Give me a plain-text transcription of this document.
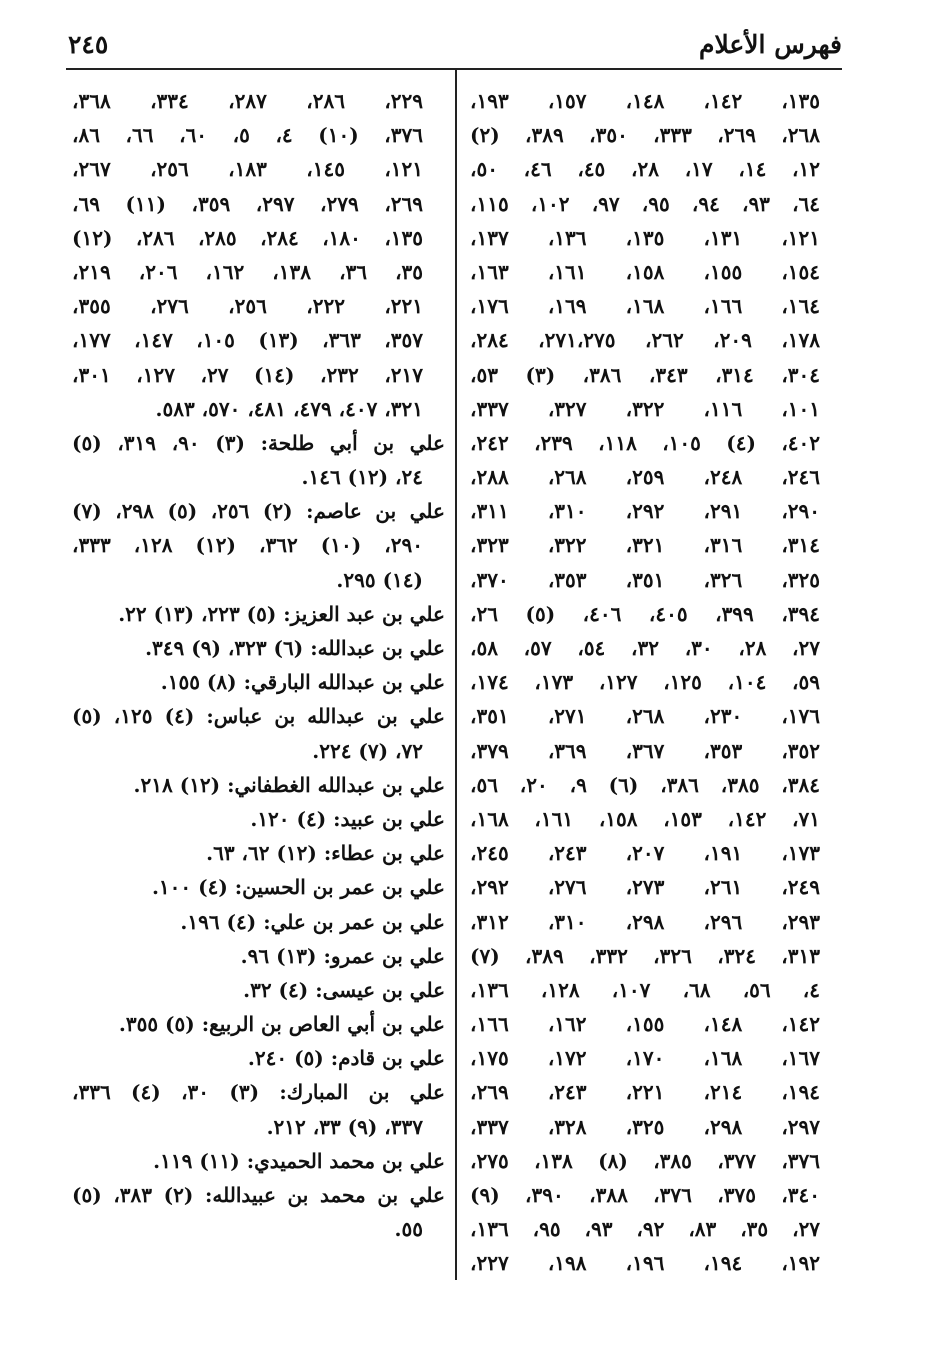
فهرس الأعلام
٢٤٥
١٣٥، ١٤٢، ١٤٨، ١٥٧، ١٩٣،
٢٦٨، ٢٦٩، ٣٣٣، ٣٥٠، ٣٨٩، (٢)
١٢، ١٤، ١٧، ٢٨، ٤٥، ٤٦، ٥٠،
٦٤، ٩٣، ٩٤، ٩٥، ٩٧، ١٠٢، ١١٥،
١٢١، ١٣١، ١٣٥، ١٣٦، ١٣٧،
١٥٤، ١٥٥، ١٥٨، ١٦١، ١٦٣،
١٦٤، ١٦٦، ١٦٨، ١٦٩، ١٧٦،
١٧٨، ٢٠٩، ٢٦٢، ٢٧١،٢٧٥، ٢٨٤،
٣٠٤، ٣١٤، ٣٤٣، ٣٨٦، (٣) ٥٣،
١٠١، ١١٦، ٣٢٢، ٣٢٧، ٣٣٧،
٤٠٢، (٤) ١٠٥، ١١٨، ٢٣٩، ٢٤٢،
٢٤٦، ٢٤٨، ٢٥٩، ٢٦٨، ٢٨٨،
٢٩٠، ٢٩١، ٢٩٢، ٣١٠، ٣١١،
٣١٤، ٣١٦، ٣٢١، ٣٢٢، ٣٢٣،
٣٢٥، ٣٢٦، ٣٥١، ٣٥٣، ٣٧٠،
٣٩٤، ٣٩٩، ٤٠٥، ٤٠٦، (٥) ٢٦،
٢٧، ٢٨، ٣٠، ٣٢، ٥٤، ٥٧، ٥٨،
٥٩، ١٠٤، ١٢٥، ١٢٧، ١٧٣، ١٧٤،
١٧٦، ٢٣٠، ٢٦٨، ٢٧١، ٣٥١،
٣٥٢، ٣٥٣، ٣٦٧، ٣٦٩، ٣٧٩،
٣٨٤، ٣٨٥، ٣٨٦، (٦) ٩، ٢٠، ٥٦،
٧١، ١٤٢، ١٥٣، ١٥٨، ١٦١، ١٦٨،
١٧٣، ١٩١، ٢٠٧، ٢٤٣، ٢٤٥،
٢٤٩، ٢٦١، ٢٧٣، ٢٧٦، ٢٩٢،
٢٩٣، ٢٩٦، ٢٩٨، ٣١٠، ٣١٢،
٣١٣، ٣٢٤، ٣٢٦، ٣٣٢، ٣٨٩، (٧)
٤، ٥٦، ٦٨، ١٠٧، ١٢٨، ١٣٦،
١٤٢، ١٤٨، ١٥٥، ١٦٢، ١٦٦،
١٦٧، ١٦٨، ١٧٠، ١٧٢، ١٧٥،
١٩٤، ٢١٤، ٢٢١، ٢٤٣، ٢٦٩،
٢٩٧، ٢٩٨، ٣٢٥، ٣٢٨، ٣٣٧،
٣٧٦، ٣٧٧، ٣٨٥، (٨) ١٣٨، ٢٧٥،
٣٤٠، ٣٧٥، ٣٧٦، ٣٨٨، ٣٩٠، (٩)
٢٧، ٣٥، ٨٣، ٩٢، ٩٣، ٩٥، ١٣٦،
١٩٢، ١٩٤، ١٩٦، ١٩٨، ٢٢٧،
٢٢٩، ٢٨٦، ٢٨٧، ٣٣٤، ٣٦٨،
٣٧٦، (١٠) ٤، ٥، ٦٠، ٦٦، ٨٦،
١٢١، ١٤٥، ١٨٣، ٢٥٦، ٢٦٧،
٢٦٩، ٢٧٩، ٢٩٧، ٣٥٩، (١١) ٦٩،
١٣٥، ١٨٠، ٢٨٤، ٢٨٥، ٢٨٦، (١٢)
٣٥، ٣٦، ١٣٨، ١٦٢، ٢٠٦، ٢١٩،
٢٢١، ٢٢٢، ٢٥٦، ٢٧٦، ٣٥٥،
٣٥٧، ٣٦٣، (١٣) ١٠٥، ١٤٧، ١٧٧،
٢١٧، ٢٣٢، (١٤) ٢٧، ١٢٧، ٣٠١،
٣٢١، ٤٠٧، ٤٧٩، ٤٨١، ٥٧٠، ٥٨٣.
علي بن أبي طلحة: (٣) ٩٠، ٣١٩، (٥)
٢٤، (١٢) ١٤٦.
علي بن عاصم: (٢) ٢٥٦، (٥) ٢٩٨، (٧)
٢٩٠، (١٠) ٣٦٢، (١٢) ١٢٨، ٣٣٣،
(١٤) ٢٩٥.
علي بن عبد العزيز: (٥) ٢٢٣، (١٣) ٢٢.
علي بن عبدالله: (٦) ٣٢٣، (٩) ٣٤٩.
علي بن عبدالله البارقي: (٨) ١٥٥.
علي بن عبدالله بن عباس: (٤) ١٢٥، (٥)
٧٢، (٧) ٢٢٤.
علي بن عبدالله الغطفاني: (١٢) ٢١٨.
علي بن عبيد: (٤) ١٢٠.
علي بن عطاء: (١٢) ٦٢، ٦٣.
علي بن عمر بن الحسين: (٤) ١٠٠.
علي بن عمر بن علي: (٤) ١٩٦.
علي بن عمرو: (١٣) ٩٦.
علي بن عيسى: (٤) ٣٢.
علي بن أبي العاص بن الربيع: (٥) ٣٥٥.
علي بن قادم: (٥) ٢٤٠.
علي بن المبارك: (٣) ٣٠، (٤) ٣٣٦،
٣٣٧، (٩) ٣٣، ٢١٢.
علي بن محمد الحميدي: (١١) ١١٩.
علي بن محمد بن عبيدالله: (٢) ٣٨٣، (٥)
٥٥.
